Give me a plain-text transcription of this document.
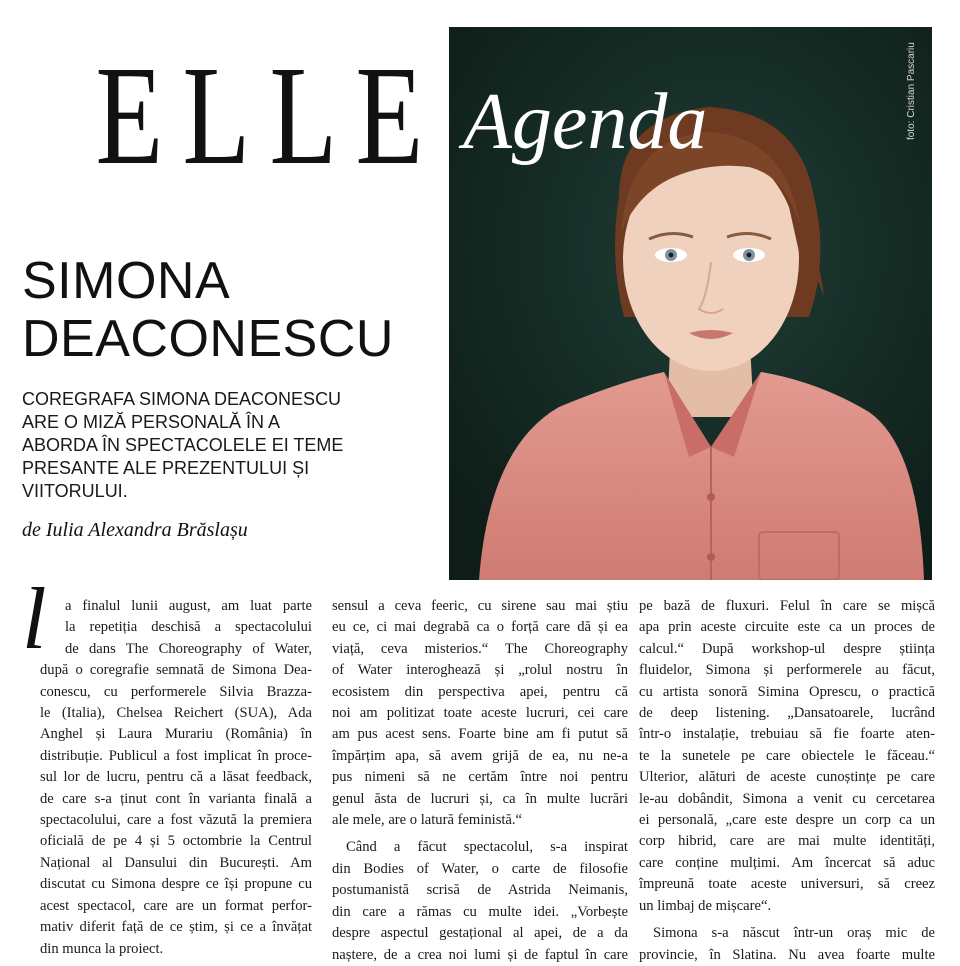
E L L E Agenda	foto: Cristian Pascariu
SIMONA
DEACONESCU
COREGRAFA SIMONA DEACONESCU ARE O MIZĂ PERSONALĂ ÎN A ABORDA ÎN SPECTACOLELE EI TEME PRESANTE ALE PREZENTULUI ȘI VIITORULUI.
de Iulia Alexandra Brăslașu
l	a finalul lunii august, am luat parte
la repetiția deschisă a spectacolului
de dans The Choreography of Water,
după o coregrafie semnată de Simona Dea-
conescu, cu performerele Silvia Brazza-
le (Italia), Chelsea Reichert (SUA), Ada
Anghel și Laura Murariu (România) în
distribuție. Publicul a fost implicat în proce-
sul lor de lucru, pentru că a lăsat feedback,
de care s-a ținut cont în varianta finală a
spectacolului, care a fost văzută la premiera
oficială de pe 4 și 5 octombrie la Centrul
Național al Dansului din București. Am
discutat cu Simona despre ce își propune cu
acest spectacol, care are un format perfor-
mativ diferit față de ce știm, și ce a învățat
din munca la proiect.
sensul a ceva feeric, cu sirene sau mai știu
eu ce, ci mai degrabă ca o forță care dă și ea
viață, ceva misterios.“ The Choreography
of Water interoghează și „rolul nostru în
ecosistem din perspectiva apei, pentru că
noi am politizat toate aceste lucruri, cei care
am pus acest sens. Foarte bine am fi putut să
împărțim apa, să avem grijă de ea, nu ne-a
pus nimeni să ne certăm între noi pentru
genul ăsta de lucruri și, ca în multe lucrări
ale mele, are o latură feministă.“
Când a făcut spectacolul, s-a inspirat
din Bodies of Water, o carte de filosofie
postumanistă scrisă de Astrida Neimanis,
din care a rămas cu multe idei. „Vorbește
despre aspectul gestațional al apei, de a da
naștere, de a crea noi lumi și de faptul în care
pe bază de fluxuri. Felul în care se mișcă
apa prin aceste circuite este ca un proces de
calcul.“ După workshop-ul despre știința
fluidelor, Simona și performerele au făcut,
cu artista sonoră Simina Oprescu, o practică
de deep listening. „Dansatoarele, lucrând
într-o instalație, trebuiau să fie foarte aten-
te la sunetele pe care obiectele le făceau.“
Ulterior, alături de aceste cunoștințe pe care
le-au dobândit, Simona a venit cu cercetarea
ei personală, „care este despre un corp ca un
corp hibrid, care are mai multe identități,
care conține mulțimi. Am încercat să aduc
împreună toate aceste universuri, să creez
un limbaj de mișcare“.
Simona s-a născut într-un oraș mic de
provincie, în Slatina. Nu avea foarte multe
